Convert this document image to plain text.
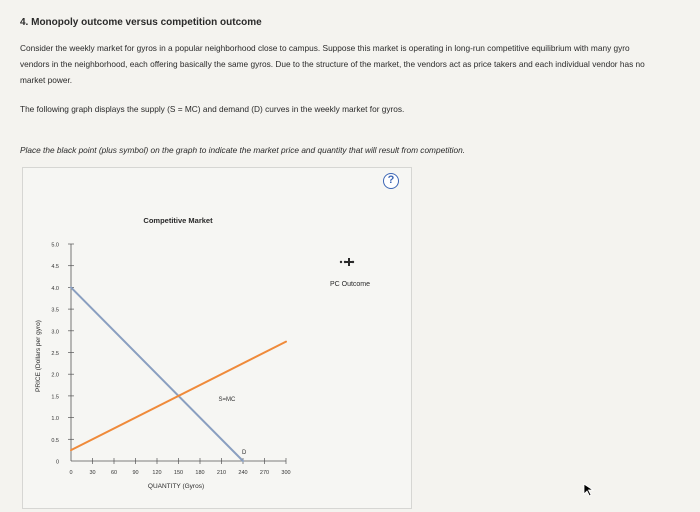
4. Monopoly outcome versus competition outcome
Consider the weekly market for gyros in a popular neighborhood close to campus. Suppose this market is operating in long-run competitive equilibrium with many gyro vendors in the neighborhood, each offering basically the same gyros. Due to the structure of the market, the vendors act as price takers and each individual vendor has no market power.
The following graph displays the supply (S = MC) and demand (D) curves in the weekly market for gyros.
Place the black point (plus symbol) on the graph to indicate the market price and quantity that will result from competition.
?
Competitive Market
0
0.5
1.0
1.5
2.0
2.5
3.0
3.5
4.0
4.5
5.0
0	30	60	90	120 150 180 210 240 270 300
D
S=MC
QUANTITY (Gyros)
PRICE (Dollars per gyro)
PC Outcome
